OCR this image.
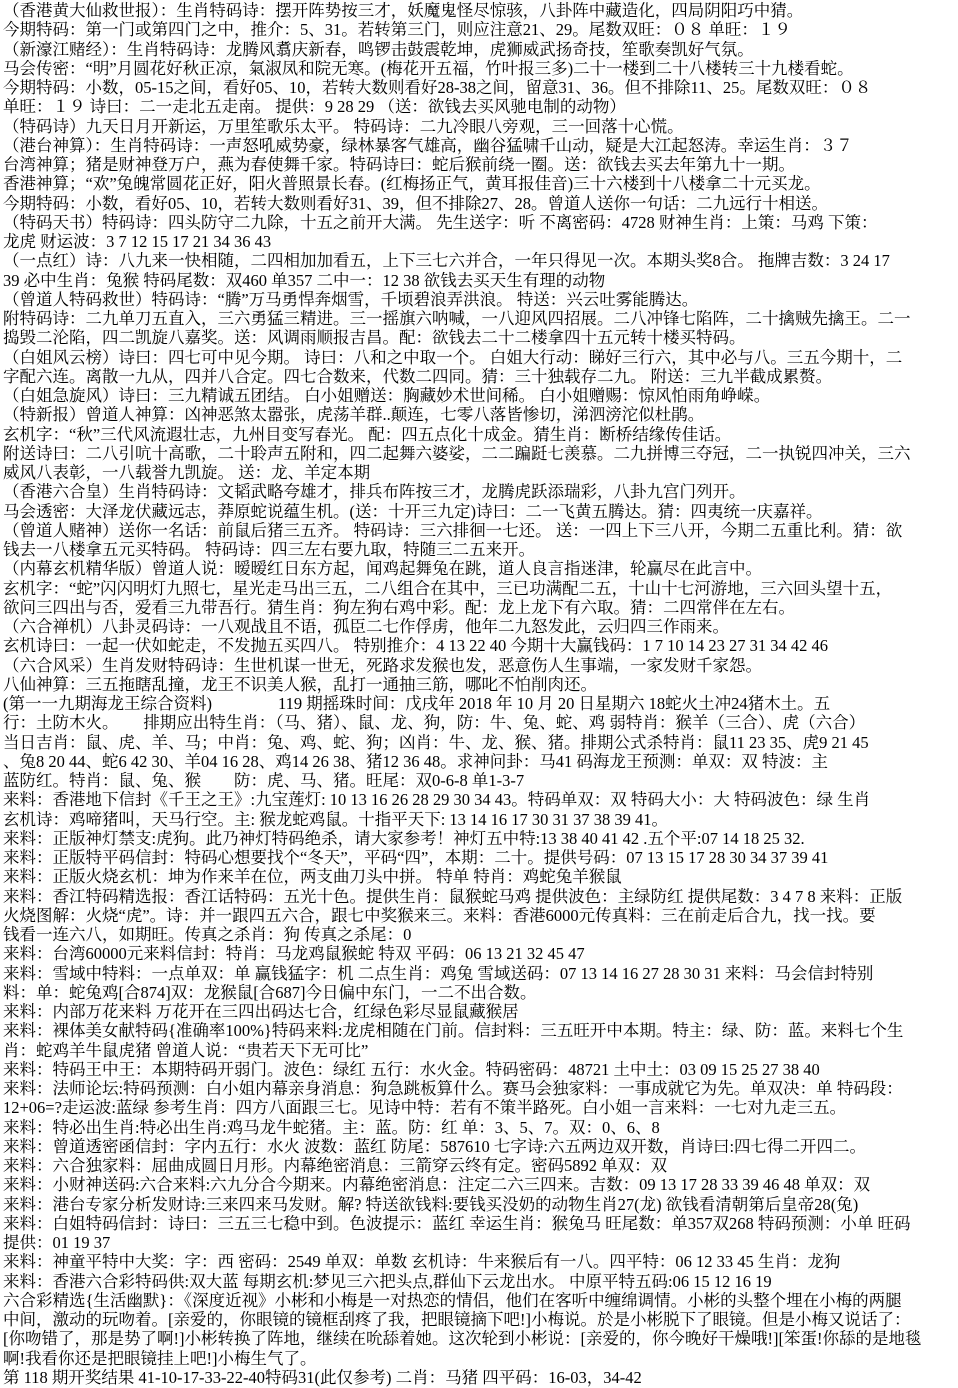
（香港黄大仙救世报）：生肖特码诗：摆开阵势按三才，妖魔鬼怪尽惊骇，八卦阵中藏造化，四局阴阳巧中猜。
今期特码：第一门或第四门之中，推介：5、31。若转第三门，则应注意21、29。尾数双旺：０８ 单旺：１９
（新濠江赌经）：生肖特码诗：龙腾风翥庆新春，鸣锣击鼓震乾坤，虎狮威武扬奇技，笙歌奏凯好气氛。
马会传密：“明”月圆花好秋正凉，氣淑凤和院无寒。(梅花开五福，竹叶报三多)二十一楼到二十八楼转三十九楼看蛇。
今期特码：小数，05-15之间，看好05、10，若转大数则看好28-38之间，留意31、36。但不排除11、25。尾数双旺：０８
单旺：１９ 诗曰：二一走北五走南。 提供：9 28 29 （送：欲钱去买风驰电制的动物）
（特码诗）九天日月开新运，万里笙歌乐太平。 特码诗：二九冷眼八旁观，三一回落十心慌。
（港台神算）：生肖特码诗：一声怒吼威势豪，绿林暴客气雄高，幽谷猛啸千山动，疑是大江起怒涛。幸运生肖：３７
台湾神算；猪是财神登万户，燕为春使舞千家。特码诗曰：蛇后猴前绕一圈。送：欲钱去买去年第九十一期。
香港神算；“欢”兔魄常圆花正好，阳火普照景长春。(红梅扬正气，黄耳报佳音)三十六楼到十八楼拿二十元买龙。
今期特码：小数，看好05、10，若转大数则看好31、39，但不排除27、28。曾道人送你一句话：二九远行十相送。
（特码天书）特码诗：四头防守二九除，十五之前开大满。 先生送字：听 不离密码：4728 财神生肖：上策：马鸡 下策：
龙虎 财运波：3 7 12 15 17 21 34 36 43
（一点红）诗：八九来一快相随，二四相加加看五，上下三七六并合，一年只得见一次。本期头奖8合。 拖牌吉数：3 24 17
39 必中生肖：兔猴 特码尾数：双460 单357 二中一：12 38 欲钱去买天生有理的动物
（曾道人特码救世）特码诗：“腾”万马勇悍奔烟雪，千顷碧浪弄洪浪。 特送：兴云吐雾能腾达。
附特码诗：二九单刀五直入，三六勇猛三精进。三一摇旗六呐喊，一八迎风四招展。二八冲锋七陷阵，二十擒贼先擒王。二一
捣毁二沦陷，四二凯旋八嘉奖。送：风调雨顺报吉昌。配：欲钱去二十二楼拿四十五元转十楼买特码。
（白姐风云榜）诗曰：四七可中见今期。 诗曰：八和之中取一个。 白姐大行动：睇好三行六，其中必与八。三五今期十，二
字配六连。离散一九从，四并八合定。四七合数来，代数二四同。猜：三十独载存二九。 附送：三九半截成累赘。
（白姐急旋风）诗曰：三九精诚五团结。 白小姐赠送：胸藏妙术世间稀。 白小姐赠赐：惊风怕雨角峥嵘。
（特新报）曾道人神算：凶神恶煞太嚣张，虎荡羊群..颠连，七零八落皆惨切，涕泗滂沱似杜鹃。
玄机字：“秋”三代风流遐壮志，九州目变写春光。 配：四五点化十成金。猜生肖：断桥结缘传佳话。
附送诗曰：二八引吭十高歌，二十聆声五附和，四二起舞六婆娑，二二蹁跹七羡慕。二九拼博三夺冠，二一执锐四冲关，三六
威风八表彰，一八载誉九凯旋。 送：龙、羊定本期
（香港六合皇）生肖特码诗：文韬武略夸雄才，排兵布阵按三才，龙腾虎跃添瑞彩，八卦九宫门列开。
马会透密：大泽龙伏藏远志，莽原蛇说蕴生机。(送：十开三九定)诗曰：二一飞黄五腾达。猜：四夷统一庆嘉祥。
（曾道人赌神）送你一名话：前鼠后猪三五齐。 特码诗：三六排徊一七还。 送：一四上下三八开，今期二五重比利。猜：欲
钱去一八楼拿五元买特码。 特码诗：四三左右要九取，特随三二五来开。
（内幕玄机精华版）曾道人说：暧暧红日东方起，闻鸡起舞兔在跳，道人良言指迷津，轮赢尽在此言中。
玄机字：“蛇”闪闪明灯九照七，星光走马出三五，二八组合在其中，三已功满配二五，十山十七河游地，三六回头望十五，
欲问三四出与否，爱看三九带吾行。猜生肖：狗左狗右鸡中彩。配：龙上龙下有六取。猜：二四常伴在左右。
（六合禅机）八卦灵码诗：一八观战且不语，孤臣二七作俘虏，他年二九怒发此，云归四三作雨来。
玄机诗曰：一起一伏如蛇走，不发抛五买四八。 特别推介：4 13 22 40 今期十大赢钱码：1 7 10 14 23 27 31 34 42 46
（六合风采）生肖发财特码诗：生世机谋一世无，死路求发猴也发，恶意伤人生事端，一家发财千家怨。
八仙神算：三五拖瞎乱撞，龙王不识美人猴，乱打一通抽三筋，哪叱不怕削肉还。
(第一一九期海龙王综合资料)　　　　119 期摇珠时间：戊戌年 2018 年 10 月 20 日星期六 18蛇火土冲24猪木土。五
行：土防木火。　　排期应出特生肖：（马、猪）、鼠、龙、狗，防：牛、兔、蛇、鸡 弱特肖：猴羊（三合）、虎（六合）
当日吉肖：鼠、虎、羊、马；中肖：兔、鸡、蛇、狗；凶肖：牛、龙、猴、猪。排期公式杀特肖：鼠11 23 35、虎9 21 45
、兔8 20 44、蛇6 42 30、羊04 16 28、鸡14 26 38、猪12 36 48。求神问卦：马41 码海龙王预测：单双：双 特波：主
蓝防红。特肖：鼠、兔、猴　　防：虎、马、猪。旺尾：双0-6-8 单1-3-7
来料：香港地下信封《千王之王》:九宝莲灯: 10 13 16 26 28 29 30 34 43。特码单双：双 特码大小：大 特码波色：绿 生肖
玄机诗：鸡啼猪叫，天马行空。主: 猴龙蛇鸡鼠。十指平天下: 13 14 16 17 30 31 37 38 39 41。
来料：正版神灯禁支:虎狗。此乃神灯特码绝杀，请大家参考！神灯五中特:13 38 40 41 42 .五个平:07 14 18 25 32.
来料：正版特平码信封：特码心想要找个“冬天”，平码“四”，本期：二十。提供号码：07 13 15 17 28 30 34 37 39 41
来料：正版火烧玄机：坤为作来羊在位，两支曲刀头中拼。 特单 特肖：鸡蛇兔羊猴鼠
来料：香江特码精选报：香江话特码：五光十色。提供生肖：鼠猴蛇马鸡 提供波色：主绿防红 提供尾数：3 4 7 8 来料：正版
火烧图解：火烧“虎”。诗：并一跟四五六合，跟七中奖猴来三。来料：香港6000元传真料：三在前走后合九，找一找。要
钱看一连六八，如期旺。传真之杀肖：狗 传真之杀尾：0
来料：台湾60000元来料信封：特肖：马龙鸡鼠猴蛇 特双 平码：06 13 21 32 45 47
来料：雪域中特料：一点单双：单 赢钱猛字：机 二点生肖：鸡兔 雪域送码：07 13 14 16 27 28 30 31 来料：马会信封特别
料：单：蛇兔鸡[合874]双：龙猴鼠[合687]今日偏中东门，一二不出合数。
来料：内部万花来料 万花开在三四出码达七合，红绿色彩尽显鼠藏猴居
来料：裸体美女献特码{准确率100%}特码来料:龙虎相随在门前。信封料：三五旺开中本期。特主：绿、防：蓝。来料七个生
肖：蛇鸡羊牛鼠虎猪 曾道人说：“贵若天下无可比”
来料：特码王中王：本期特码开弱门。波色：绿红 五行：水火金。特码密码：48721 土中土：03 09 15 25 27 38 40
来料：法师论坛:特码预测：白小姐内幕亲身消息：狗急跳板算什么。赛马会独家料：一事成就它为先。单双决：单 特码段：
12+06=?走运波:蓝绿 参考生肖：四方八面跟三七。见诗中特：若有不策半路死。白小姐一言来料：一七对九走三五。
来料：特必出生肖:特必出生肖:鸡马龙牛蛇猪。主：蓝。防：红 单：3、5、7。双：0、6、8
来料：曾道透密函信封：字内五行：水火 波数：蓝红 防尾：587610 七字诗:六五两边双开数，肖诗曰:四七得二开四二。
来料：六合独家料：屈曲成圆日月形。内幕绝密消息：三箭穿云终有定。密码5892 单双：双
来料：小财神送码:六合来料:六九分合今期来。内幕绝密消息：注定二六三四来。吉数：09 13 17 28 33 39 46 48 单双：双
来料：港台专家分析发财诗:三来四来马发财。解? 特送欲钱料:要钱买没奶的动物生肖27(龙) 欲钱看清朝第后皇帝28(兔)
来料：白姐特码信封：诗曰：三五三七稳中到。色波提示：蓝红 幸运生肖：猴兔马 旺尾数：单357双268 特码预测：小单 旺码
提供：01 19 37
来料：神童平特中大奖：字：西 密码：2549 单双：单数 玄机诗：牛来猴后有一八。四平特：06 12 33 45 生肖：龙狗
来料：香港六合彩特码供:双大蓝 每期玄机:梦见三六把头点,群仙下云龙出水。 中原平特五码:06 15 12 16 19
六合彩精选{生活幽默}：《深度近视》小彬和小梅是一对热恋的情侣，他们在客听中缠绵调情。小彬的头整个埋在小梅的两腿
中间，激动的玩吻着。[亲爱的，你眼镜的镜框刮疼了我，把眼镜摘下吧!]小梅说。於是小彬脱下了眼镜。但是小梅又说话了：
[你吻错了，那是势了啊!]小彬转换了阵地，继续在吮舔着她。这次轮到小彬说：[亲爱的，你今晚好干燥哦!][笨蛋!你舔的是地毯
啊!我看你还是把眼镜挂上吧!]小梅生气了。
第 118 期开奖结果 41-10-17-33-22-40特码31(此仅参考) 二肖：马猪 四平码：16-03，34-42
